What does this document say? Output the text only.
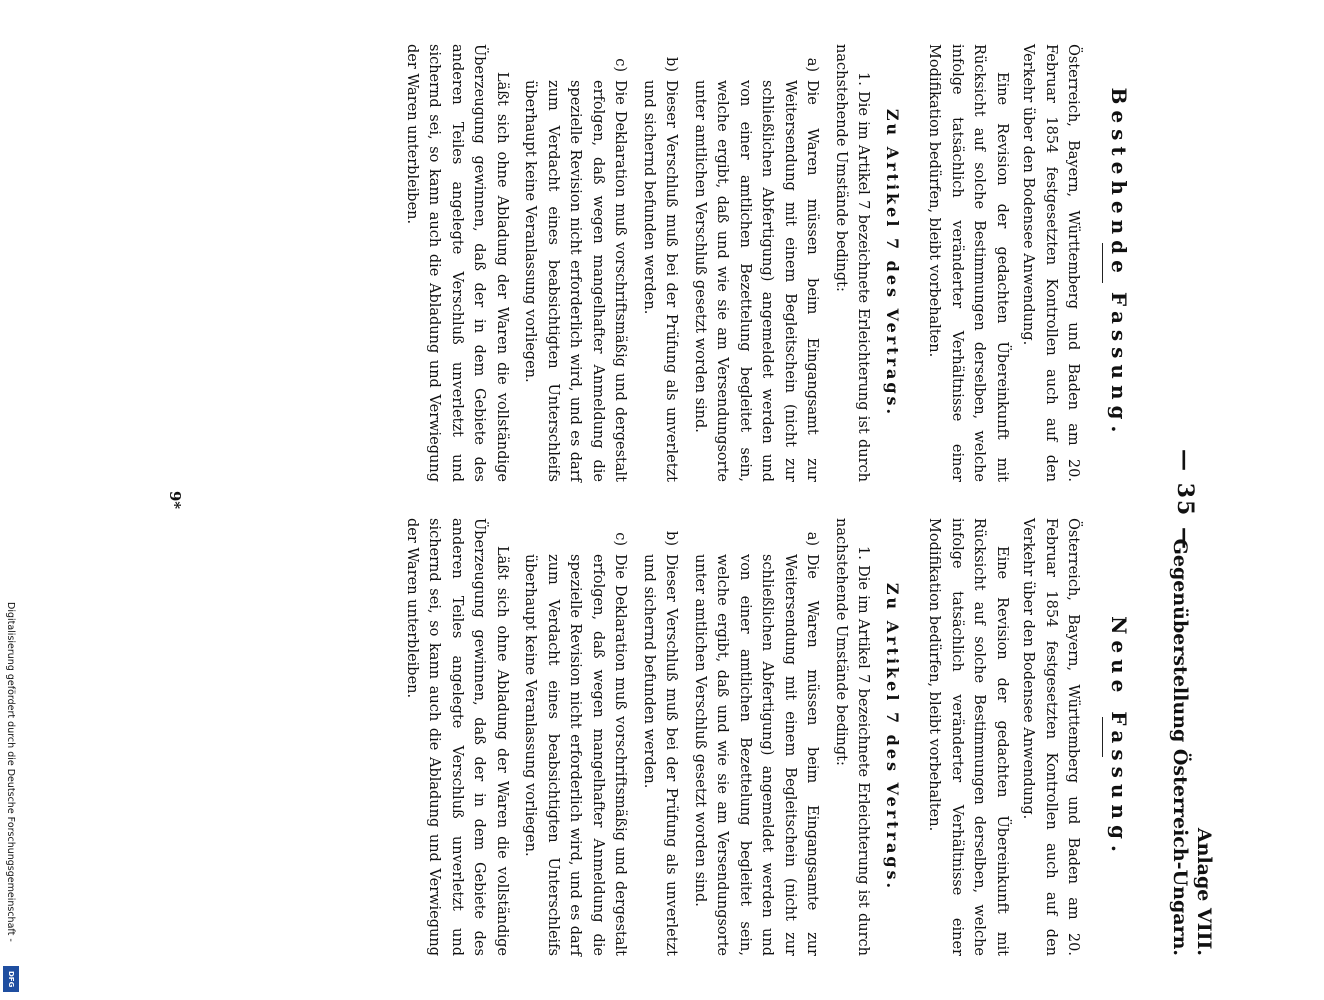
Digitalisierung gefördert durch die Deutsche Forschungsgemeinschaft -
DFG
Anlage VIII.
Gegenüberstellung Österreich-Ungarn.
— 35 —
Bestehende Fassung.

Österreich, Bayern, Württemberg und Baden am 20. Februar 1854 festgesetzten Kontrollen auch auf den Verkehr über den Bodensee Anwendung.

Eine Revision der gedachten Übereinkunft mit Rücksicht auf solche Bestimmungen derselben, welche infolge tatsächlich veränderter Verhältnisse einer Modifikation bedürfen, bleibt vorbehalten.

Zu Artikel 7 des Vertrags.

1. Die im Artikel 7 bezeichnete Erleichterung ist durch nachstehende Umstände bedingt:

a)
Die Waren müssen beim Eingangsamt zur Weitersendung mit einem Begleitschein (nicht zur schließlichen Abfertigung) angemeldet werden und von einer amtlichen Bezettelung begleitet sein, welche ergibt, daß und wie sie am Versendungsorte unter amtlichen Verschluß gesetzt worden sind.
b)
Dieser Verschluß muß bei der Prüfung als unverletzt und sichernd befunden werden.
c)
Die Deklaration muß vorschriftsmäßig und dergestalt erfolgen, daß wegen mangelhafter Anmeldung die spezielle Revision nicht erforderlich wird, und es darf zum Verdacht eines beabsichtigten Unterschleifs überhaupt keine Veranlassung vorliegen.

Läßt sich ohne Abladung der Waren die vollständige Überzeugung gewinnen, daß der in dem Gebiete des anderen Teiles angelegte Verschluß unverletzt und sichernd sei, so kann auch die Abladung und Verwiegung der Waren unterbleiben.

Neue Fassung.

Österreich, Bayern, Württemberg und Baden am 20. Februar 1854 festgesetzten Kontrollen auch auf den Verkehr über den Bodensee Anwendung.

Eine Revision der gedachten Übereinkunft mit Rücksicht auf solche Bestimmungen derselben, welche infolge tatsächlich veränderter Verhältnisse einer Modifikation bedürfen, bleibt vorbehalten.

Zu Artikel 7 des Vertrags.

1. Die im Artikel 7 bezeichnete Erleichterung ist durch nachstehende Umstände bedingt:

a)
Die Waren müssen beim Eingangsamte zur Weitersendung mit einem Begleitschein (nicht zur schließlichen Abfertigung) angemeldet werden und von einer amtlichen Bezettelung begleitet sein, welche ergibt, daß und wie sie am Versendungsorte unter amtlichen Verschluß gesetzt worden sind.
b)
Dieser Verschluß muß bei der Prüfung als unverletzt und sichernd befunden werden.
c)
Die Deklaration muß vorschriftsmäßig und dergestalt erfolgen, daß wegen mangelhafter Anmeldung die spezielle Revision nicht erforderlich wird, und es darf zum Verdacht eines beabsichtigten Unterschleifs überhaupt keine Veranlassung vorliegen.

Läßt sich ohne Abladung der Waren die vollständige Überzeugung gewinnen, daß der in dem Gebiete des anderen Teiles angelegte Verschluß unverletzt und sichernd sei, so kann auch die Abladung und Verwiegung der Waren unterbleiben.

9*
